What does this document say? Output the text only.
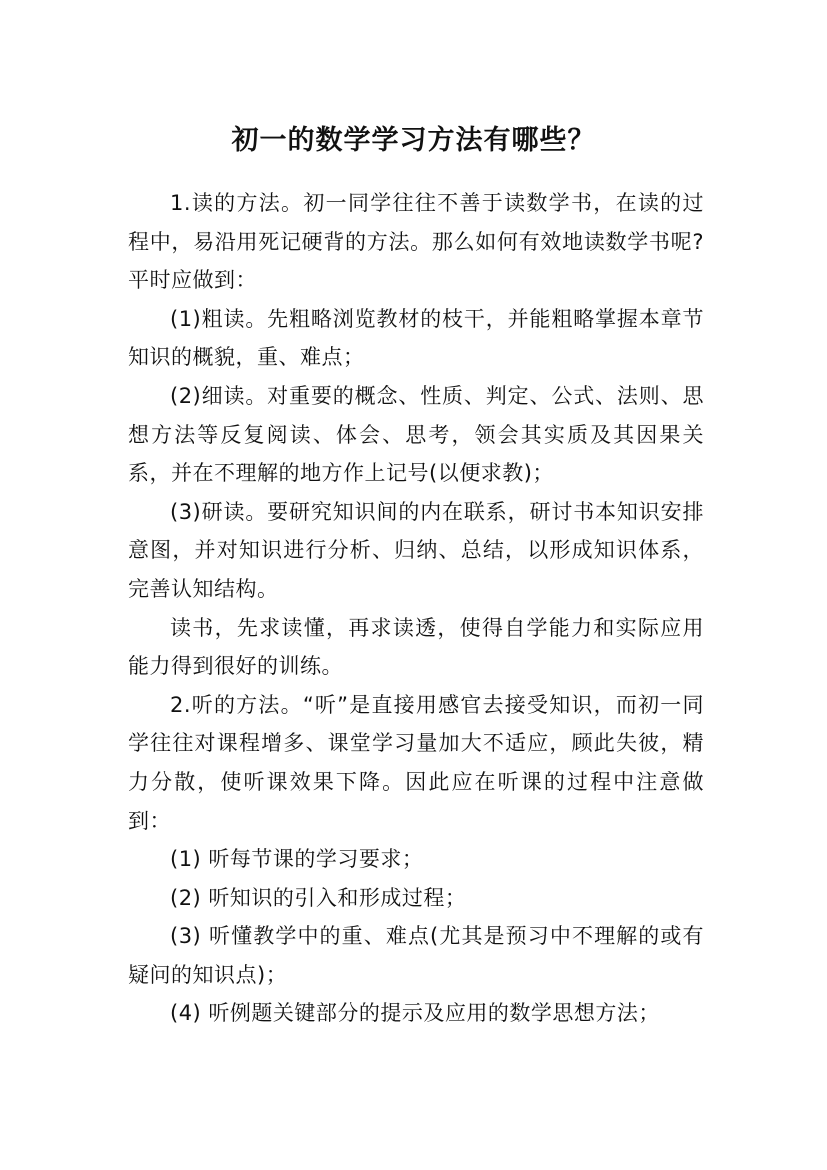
初一的数学学习方法有哪些？

1.读的方法。初一同学往往不善于读数学书，在读的过程中，易沿用死记硬背的方法。那么如何有效地读数学书呢?平时应做到：

(1)粗读。先粗略浏览教材的枝干，并能粗略掌握本章节知识的概貌，重、难点；

(2)细读。对重要的概念、性质、判定、公式、法则、思想方法等反复阅读、体会、思考，领会其实质及其因果关系，并在不理解的地方作上记号(以便求教)；

(3)研读。要研究知识间的内在联系，研讨书本知识安排意图，并对知识进行分析、归纳、总结，以形成知识体系，完善认知结构。

读书，先求读懂，再求读透，使得自学能力和实际应用能力得到很好的训练。

2.听的方法。“听”是直接用感官去接受知识，而初一同学往往对课程增多、课堂学习量加大不适应，顾此失彼，精力分散，使听课效果下降。因此应在听课的过程中注意做到：

(1) 听每节课的学习要求；

(2) 听知识的引入和形成过程；

(3) 听懂教学中的重、难点(尤其是预习中不理解的或有疑问的知识点)；

(4) 听例题关键部分的提示及应用的数学思想方法；
